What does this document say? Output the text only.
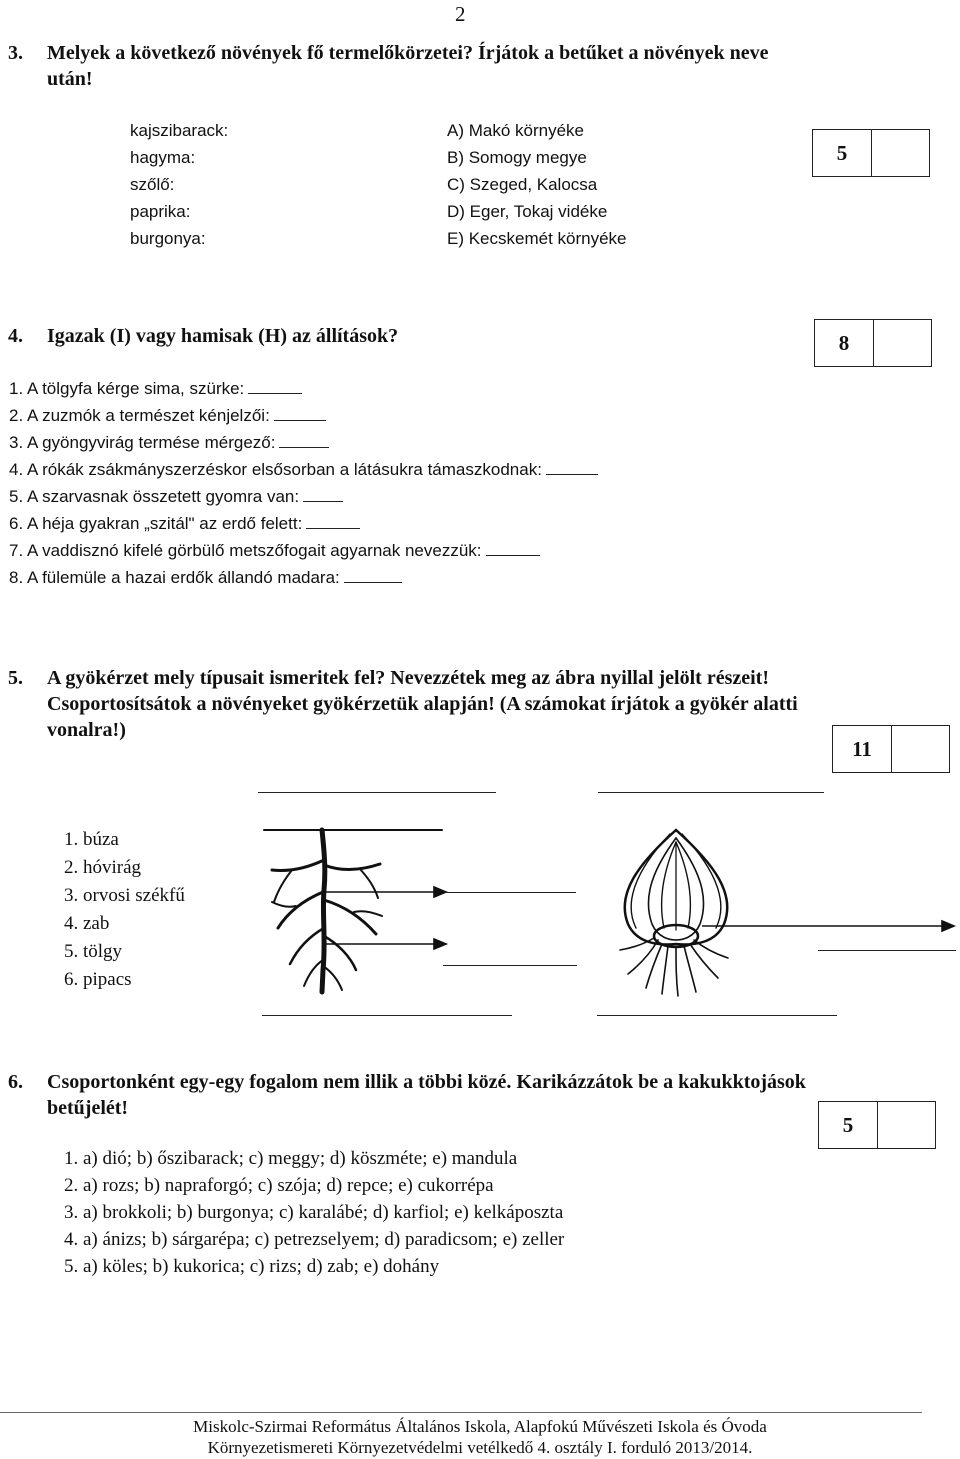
2
3. Melyek a következő növények fő termelőkörzetei? Írjátok a betűket a növények neve
után!
kajszibarack:
hagyma:
szőlő:
paprika:
burgonya:
A) Makó környéke
B) Somogy megye
C) Szeged, Kalocsa
D) Eger, Tokaj vidéke
E) Kecskemét környéke
5
4. Igazak (I) vagy hamisak (H) az állítások?	8
1. A tölgyfa kérge sima, szürke:
2. A zuzmók a természet kénjelzői:
3. A gyöngyvirág termése mérgező:
4. A rókák zsákmányszerzéskor elsősorban a látásukra támaszkodnak:
5. A szarvasnak összetett gyomra van:
6. A héja gyakran „szitál" az erdő felett:
7. A vaddisznó kifelé görbülő metszőfogait agyarnak nevezzük:
8. A fülemüle a hazai erdők állandó madara:
5. A gyökérzet mely típusait ismeritek fel? Nevezzétek meg az ábra nyillal jelölt részeit!
Csoportosítsátok a növényeket gyökérzetük alapján! (A számokat írjátok a gyökér alatti
vonalra!)
11
1. búza
2. hóvirág
3. orvosi székfű
4. zab
5. tölgy
6. pipacs
6. Csoportonként egy-egy fogalom nem illik a többi közé. Karikázzátok be a kakukktojások
betűjelét!
5
1. a) dió; b) őszibarack; c) meggy; d) köszméte; e) mandula
2. a) rozs; b) napraforgó; c) szója; d) repce; e) cukorrépa
3. a) brokkoli; b) burgonya; c) karalábé; d) karfiol; e) kelkáposzta
4. a) ánizs; b) sárgarépa; c) petrezselyem; d) paradicsom; e) zeller
5. a) köles; b) kukorica; c) rizs; d) zab; e) dohány
Miskolc-Szirmai Református Általános Iskola, Alapfokú Művészeti Iskola és Óvoda
Környezetismereti Környezetvédelmi vetélkedő 4. osztály I. forduló 2013/2014.
